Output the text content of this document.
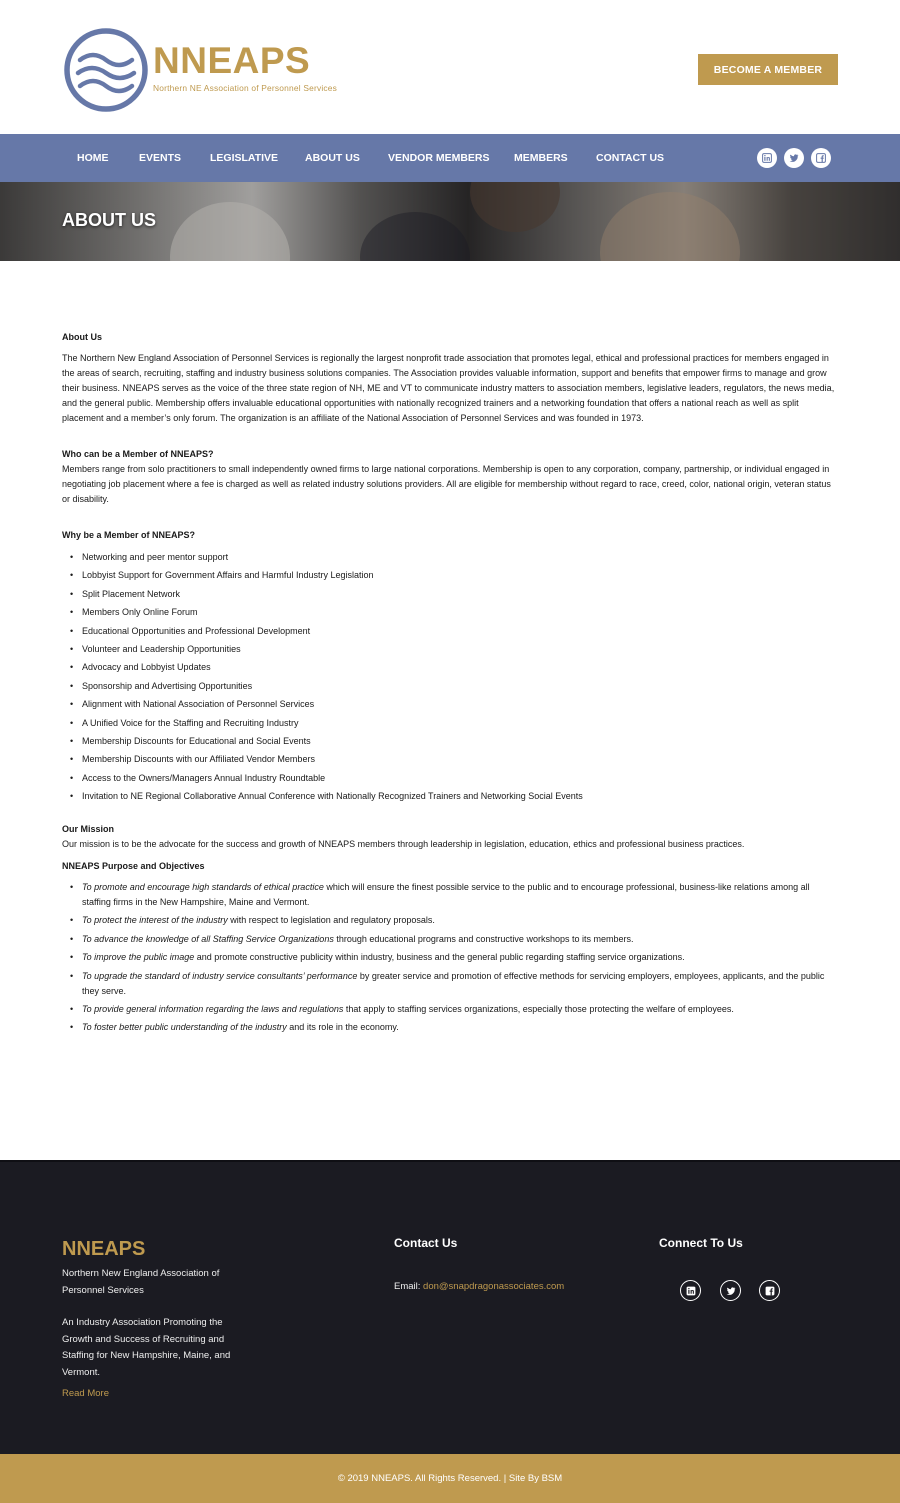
NNEAPS
Northern NE Association of Personnel Services
BECOME A MEMBER
HOME	EVENTS	LEGISLATIVE	ABOUT US	VENDOR MEMBERS MEMBERS	CONTACT US
ABOUT US
About Us

The Northern New England Association of Personnel Services is regionally the largest nonprofit trade association that promotes legal, ethical and professional practices for members engaged in the areas of search, recruiting, staffing and industry business solutions companies. The Association provides valuable information, support and benefits that empower firms to manage and grow their business. NNEAPS serves as the voice of the three state region of NH, ME and VT to communicate industry matters to association members, legislative leaders, regulators, the news media, and the general public. Membership offers invaluable educational opportunities with nationally recognized trainers and a networking foundation that offers a national reach as well as split placement and a member’s only forum. The organization is an affiliate of the National Association of Personnel Services and was founded in 1973.

Who can be a Member of NNEAPS?

Members range from solo practitioners to small independently owned firms to large national corporations. Membership is open to any corporation, company, partnership, or individual engaged in negotiating job placement where a fee is charged as well as related industry solutions providers. All are eligible for membership without regard to race, creed, color, national origin, veteran status or disability.

Why be a Member of NNEAPS?
• Networking and peer mentor support
• Lobbyist Support for Government Affairs and Harmful Industry Legislation
• Split Placement Network
• Members Only Online Forum
• Educational Opportunities and Professional Development
• Volunteer and Leadership Opportunities
• Advocacy and Lobbyist Updates
• Sponsorship and Advertising Opportunities
• Alignment with National Association of Personnel Services
• A Unified Voice for the Staffing and Recruiting Industry
• Membership Discounts for Educational and Social Events
• Membership Discounts with our Affiliated Vendor Members
• Access to the Owners/Managers Annual Industry Roundtable
• Invitation to NE Regional Collaborative Annual Conference with Nationally Recognized Trainers and Networking Social Events
Our Mission

Our mission is to be the advocate for the success and growth of NNEAPS members through leadership in legislation, education, ethics and professional business practices.

NNEAPS Purpose and Objectives
• To promote and encourage high standards of ethical practice which will ensure the finest possible service to the public and to encourage professional, business-like relations among all staffing firms in the New Hampshire, Maine and Vermont.
• To protect the interest of the industry with respect to legislation and regulatory proposals.
• To advance the knowledge of all Staffing Service Organizations through educational programs and constructive workshops to its members.
• To improve the public image and promote constructive publicity within industry, business and the general public regarding staffing service organizations.
• To upgrade the standard of industry service consultants’ performance by greater service and promotion of effective methods for servicing employers, employees, applicants, and the public they serve.
• To provide general information regarding the laws and regulations that apply to staffing services organizations, especially those protecting the welfare of employees.
• To foster better public understanding of the industry and its role in the economy.
NNEAPS
Northern New England Association of Personnel Services
An Industry Association Promoting the Growth and Success of Recruiting and Staffing for New Hampshire, Maine, and Vermont.
Read More
Contact Us
Email: don@snapdragonassociates.com
Connect To Us
© 2019 NNEAPS. All Rights Reserved. | Site By BSM
